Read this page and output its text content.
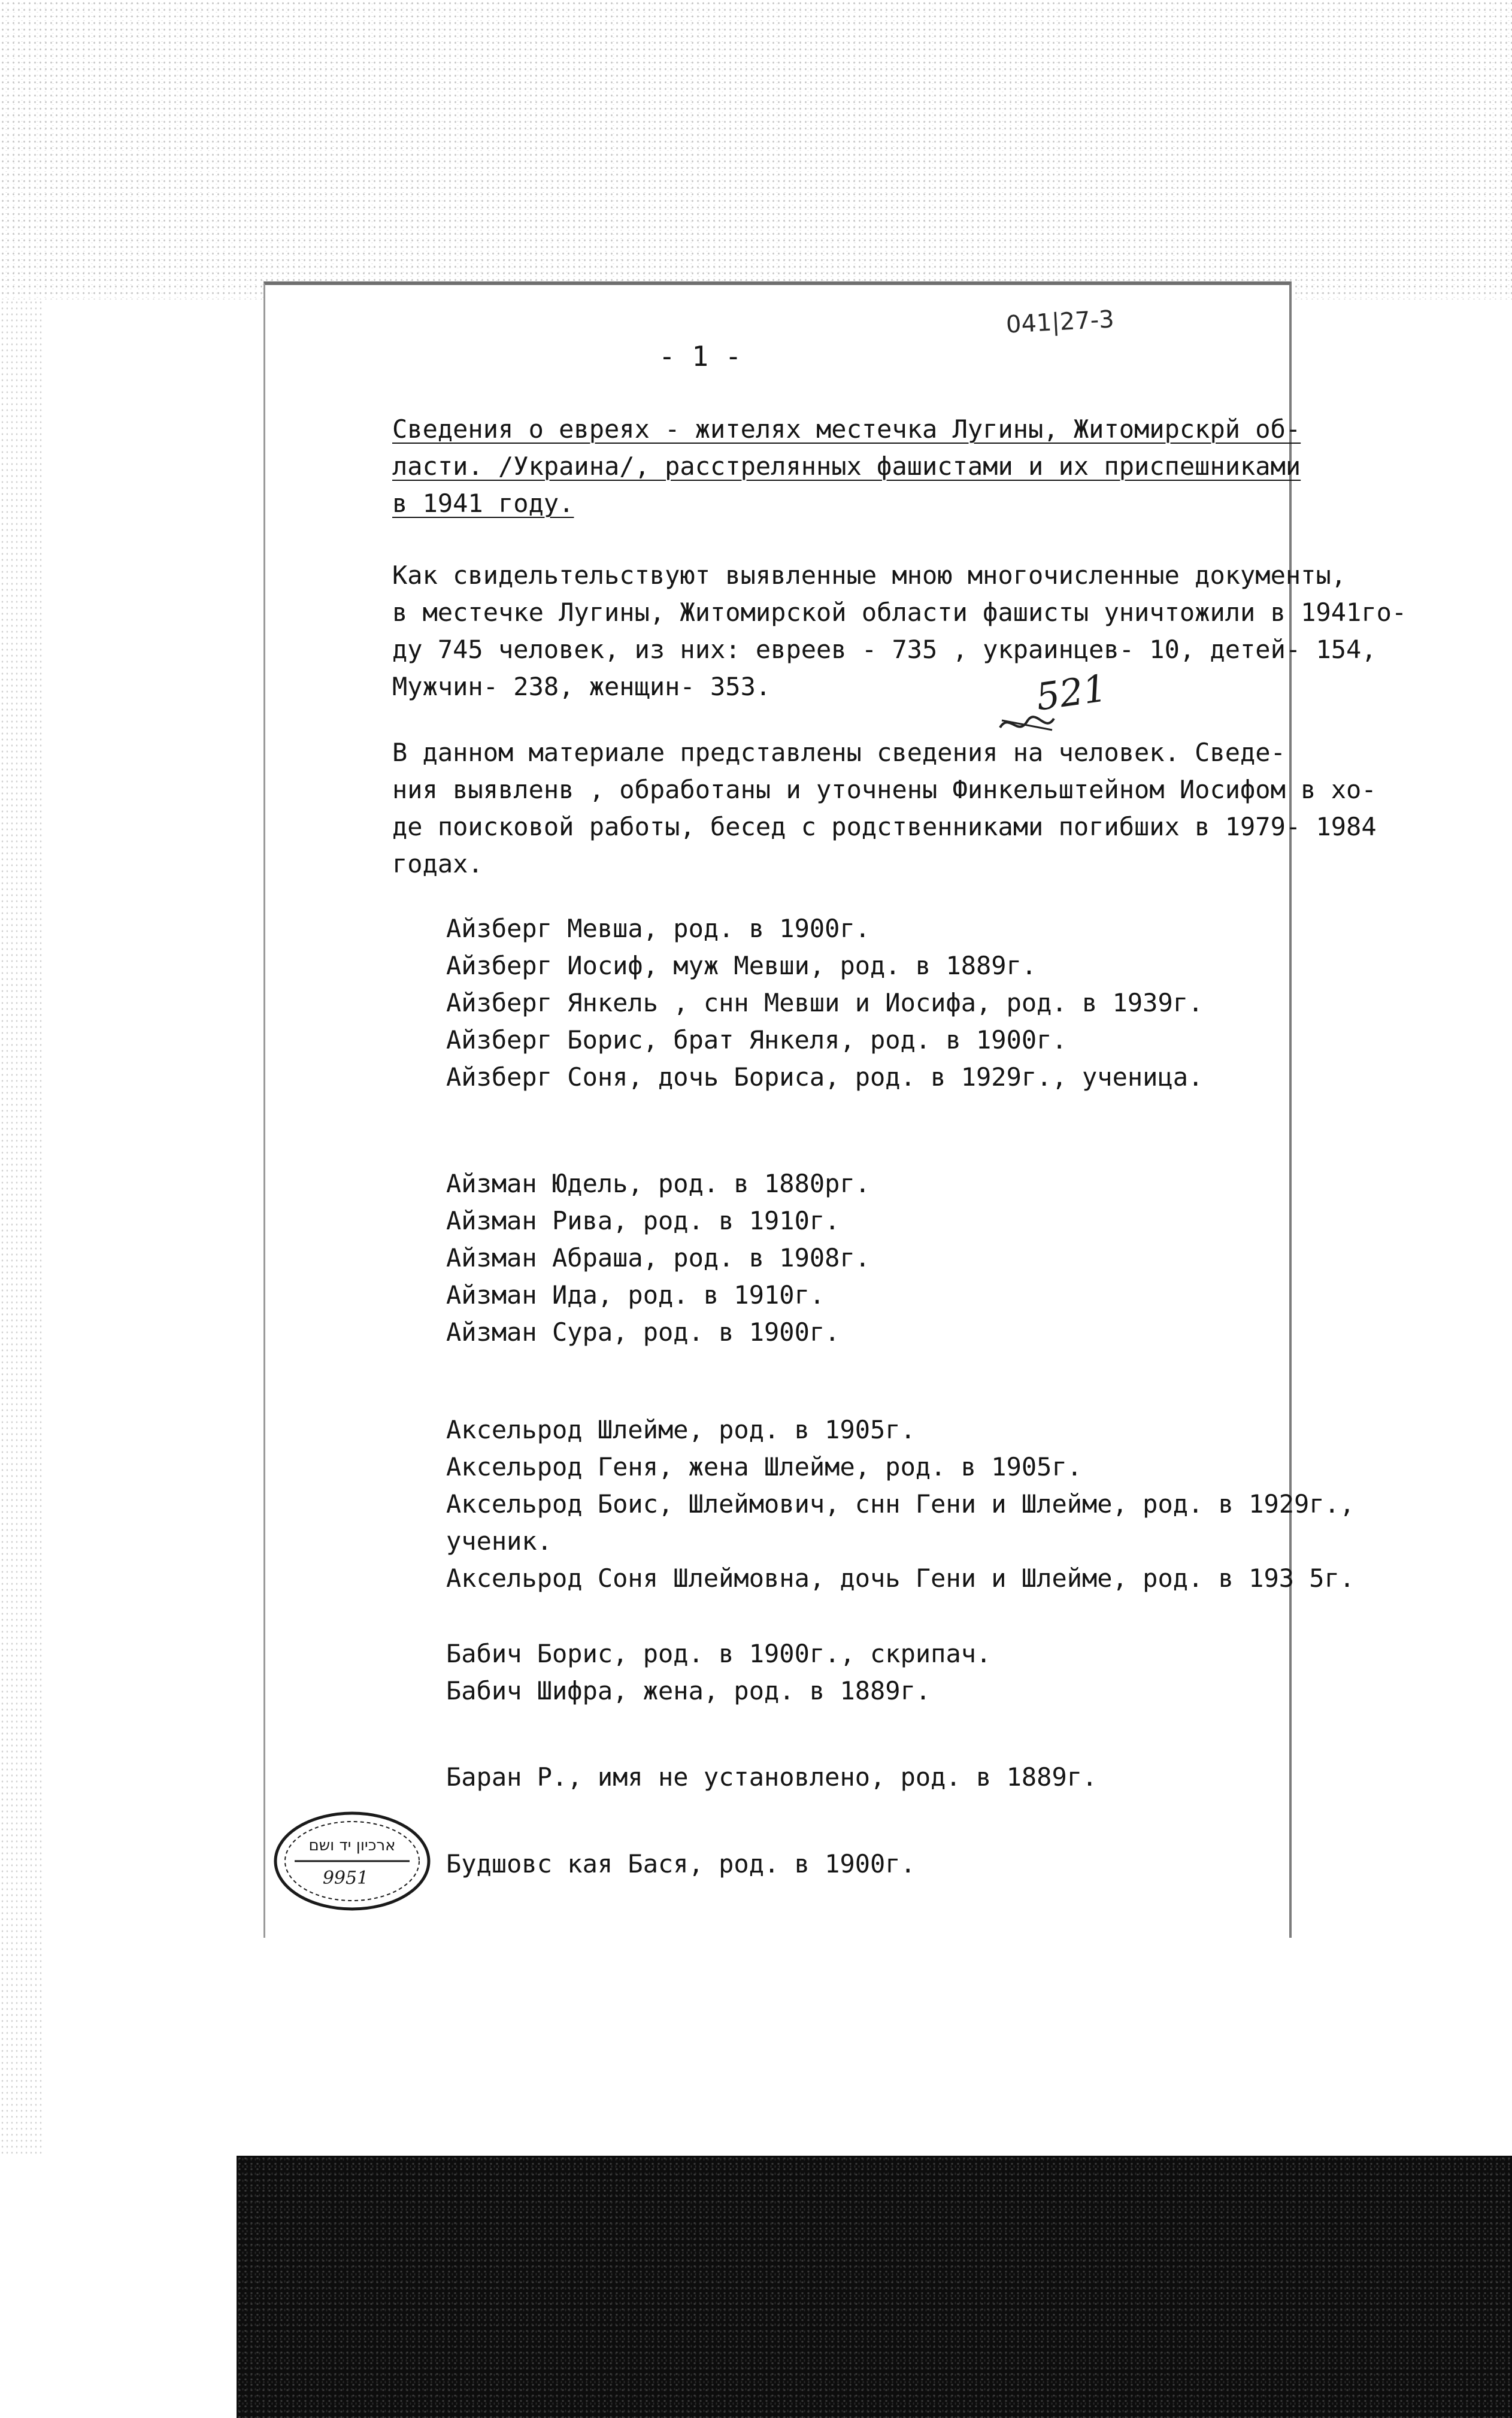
041|27-3
- 1 -
Сведения о евреях - жителях местечка Лугины, Житомирскрй об-
ласти. /Украина/, расстрелянных фашистами и их приспешниками
в 1941 году.
Как свидельтельствуют выявленные мною многочисленные документы,
в местечке Лугины, Житомирской области фашисты уничтожили в 1941го-
ду 745 человек, из них: евреев - 735 , украинцев- 10, детей- 154,
Мужчин- 238, женщин- 353.	521
В данном материале представлены сведения на человек. Сведе-
ния выявленв , обработаны и уточнены Финкельштейном Иосифом в хо-
де поисковой работы, бесед с родственниками погибших в 1979- 1984
годах.
Айзберг Мевша, род. в 1900г.
Айзберг Иосиф, муж Мевши, род. в 1889г.
Айзберг Янкель , снн Мевши и Иосифа, род. в 1939г.
Айзберг Борис, брат Янкеля, род. в 1900г.
Айзберг Соня, дочь Бориса, род. в 1929г., ученица.
Айзман Юдель, род. в 1880рг.
Айзман Рива, род. в 1910г.
Айзман Абраша, род. в 1908г.
Айзман Ида, род. в 1910г.
Айзман Сура, род. в 1900г.
Аксельрод Шлейме, род. в 1905г.
Аксельрод Геня, жена Шлейме, род. в 1905г.
Аксельрод Боис, Шлеймович, снн Гени и Шлейме, род. в 1929г.,
ученик.
Аксельрод Соня Шлеймовна, дочь Гени и Шлейме, род. в 193 5г.
Бабич Борис, род. в 1900г., скрипач.
Бабич Шифра, жена, род. в 1889г.
Баран Р., имя не установлено, род. в 1889г.
Будшовс кая Бася, род. в 1900г.
ארכיון יד ושם
9951
